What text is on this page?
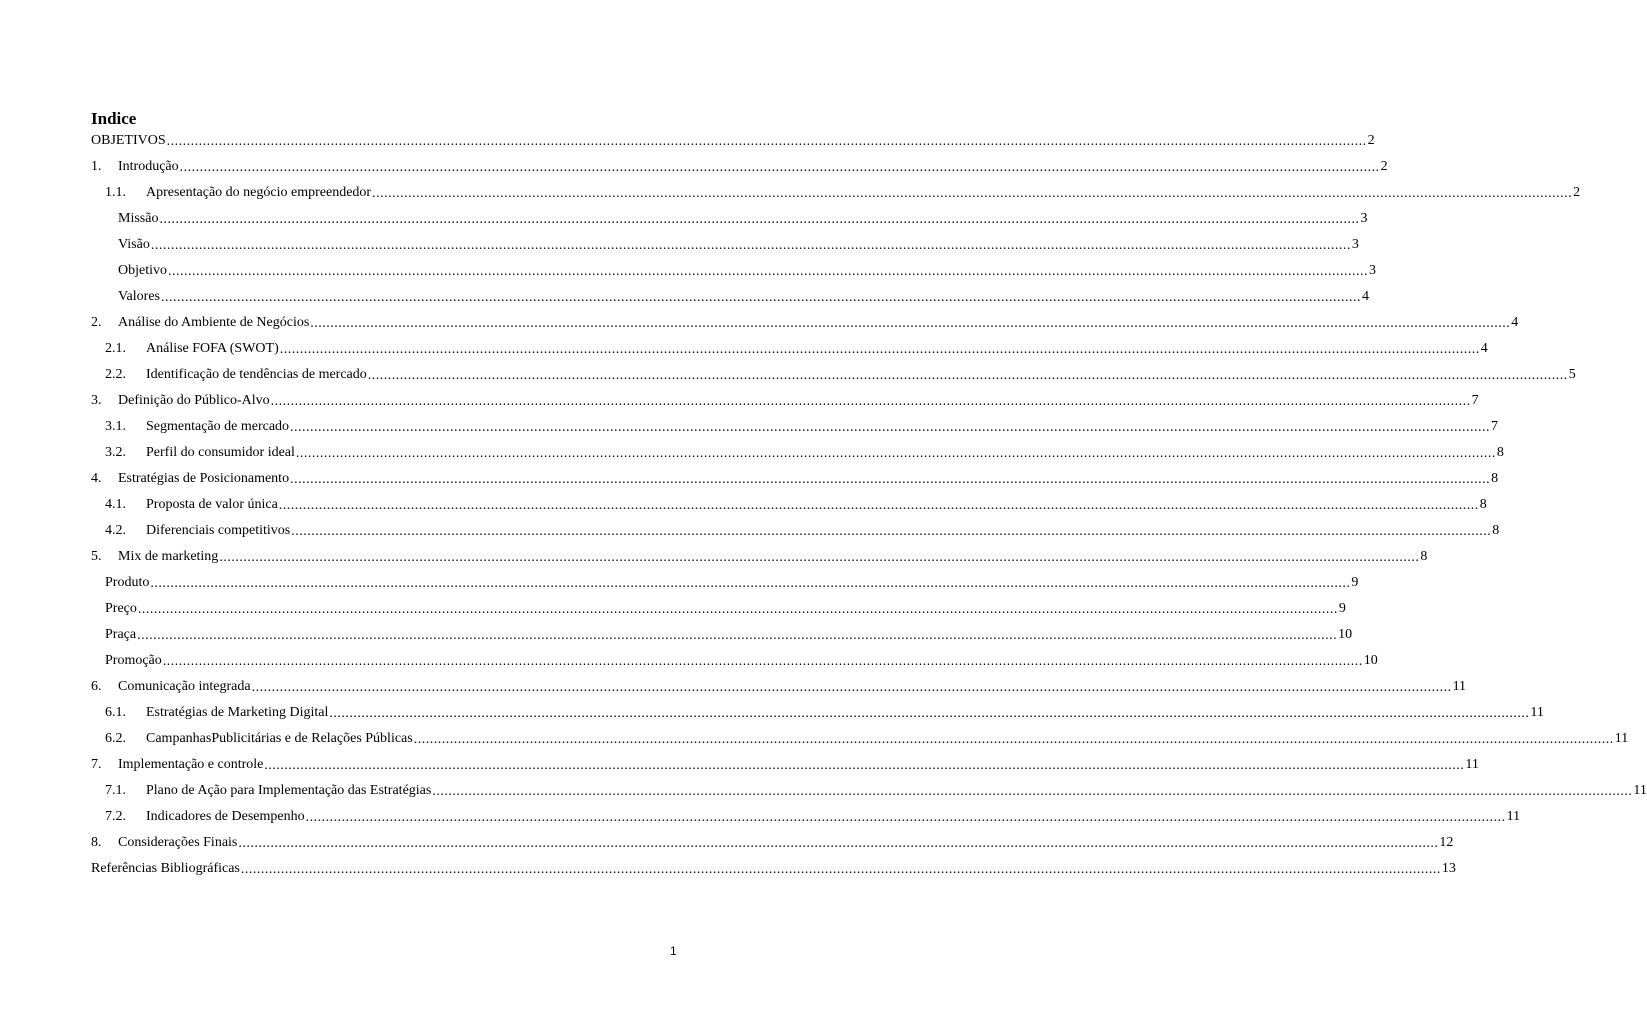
Indice
OBJETIVOS ............................................................................................................................................................................................................................................................................................................ 2
1.	Introdução ............................................................................................................................................................................................................................................................................................................ 2
1.1.	Apresentação do negócio empreendedor ............................................................................................................................................................................................................................................................................................................ 2
Missão ............................................................................................................................................................................................................................................................................................................ 3
Visão ............................................................................................................................................................................................................................................................................................................ 3
Objetivo ............................................................................................................................................................................................................................................................................................................ 3
Valores ............................................................................................................................................................................................................................................................................................................ 4
2.	Análise do Ambiente de Negócios ............................................................................................................................................................................................................................................................................................................ 4
2.1.	Análise FOFA (SWOT) ............................................................................................................................................................................................................................................................................................................ 4
2.2.	Identificação de tendências de mercado ............................................................................................................................................................................................................................................................................................................ 5
3.	Definição do Público-Alvo ............................................................................................................................................................................................................................................................................................................ 7
3.1.	Segmentação de mercado ............................................................................................................................................................................................................................................................................................................ 7
3.2.	Perfil do consumidor ideal ............................................................................................................................................................................................................................................................................................................ 8
4.	Estratégias de Posicionamento ............................................................................................................................................................................................................................................................................................................ 8
4.1.	Proposta de valor única ............................................................................................................................................................................................................................................................................................................ 8
4.2.	Diferenciais competitivos ............................................................................................................................................................................................................................................................................................................ 8
5.	Mix de marketing ............................................................................................................................................................................................................................................................................................................ 8
Produto ............................................................................................................................................................................................................................................................................................................ 9
Preço ............................................................................................................................................................................................................................................................................................................ 9
Praça ............................................................................................................................................................................................................................................................................................................ 10
Promoção ............................................................................................................................................................................................................................................................................................................ 10
6.	Comunicação integrada ............................................................................................................................................................................................................................................................................................................ 11
6.1.	Estratégias de Marketing Digital ............................................................................................................................................................................................................................................................................................................ 11
6.2.	CampanhasPublicitárias e de Relações Públicas ............................................................................................................................................................................................................................................................................................................ 11
7.	Implementação e controle ............................................................................................................................................................................................................................................................................................................ 11
7.1.	Plano de Ação para Implementação das Estratégias ............................................................................................................................................................................................................................................................................................................ 11
7.2.	Indicadores de Desempenho ............................................................................................................................................................................................................................................................................................................ 11
8.	Considerações Finais ............................................................................................................................................................................................................................................................................................................ 12
Referências Bibliográficas ............................................................................................................................................................................................................................................................................................................ 13
1
